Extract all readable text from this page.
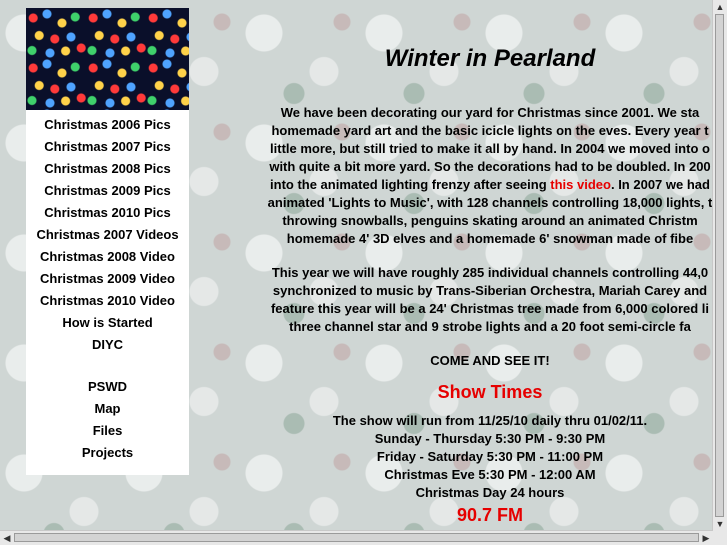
Christmas 2006 Pics
Christmas 2007 Pics
Christmas 2008 Pics
Christmas 2009 Pics
Christmas 2010 Pics
Christmas 2007 Videos
Christmas 2008 Video
Christmas 2009 Video
Christmas 2010 Video
How is Started
DIYC
PSWD
Map
Files
Projects
Winter in Pearland

We have been decorating our yard for Christmas since 2001. We sta

homemade yard art and the basic icicle lights on the eves. Every year t

little more, but still tried to make it all by hand. In 2004 we moved into o

with quite a bit more yard. So the decorations had to be doubled. In 200

into the animated lighting frenzy after seeing this video. In 2007 we had

animated 'Lights to Music', with 128 channels controlling 18,000 lights, t

throwing snowballs, penguins skating around an animated Christm

homemade 4' 3D elves and a homemade 6' snowman made of fibe

This year we will have roughly 285 individual channels controlling 44,0

synchronized to music by Trans-Siberian Orchestra, Mariah Carey and

feature this year will be a 24' Christmas tree made from 6,000 colored li

three channel star and 9 strobe lights and a 20 foot semi-circle fa

COME AND SEE IT!

Show Times

The show will run from 11/25/10 daily thru 01/02/11.

Sunday - Thursday 5:30 PM - 9:30 PM

Friday - Saturday 5:30 PM - 11:00 PM

Christmas Eve 5:30 PM - 12:00 AM

Christmas Day 24 hours

90.7 FM

▲
▼
◀	▶
